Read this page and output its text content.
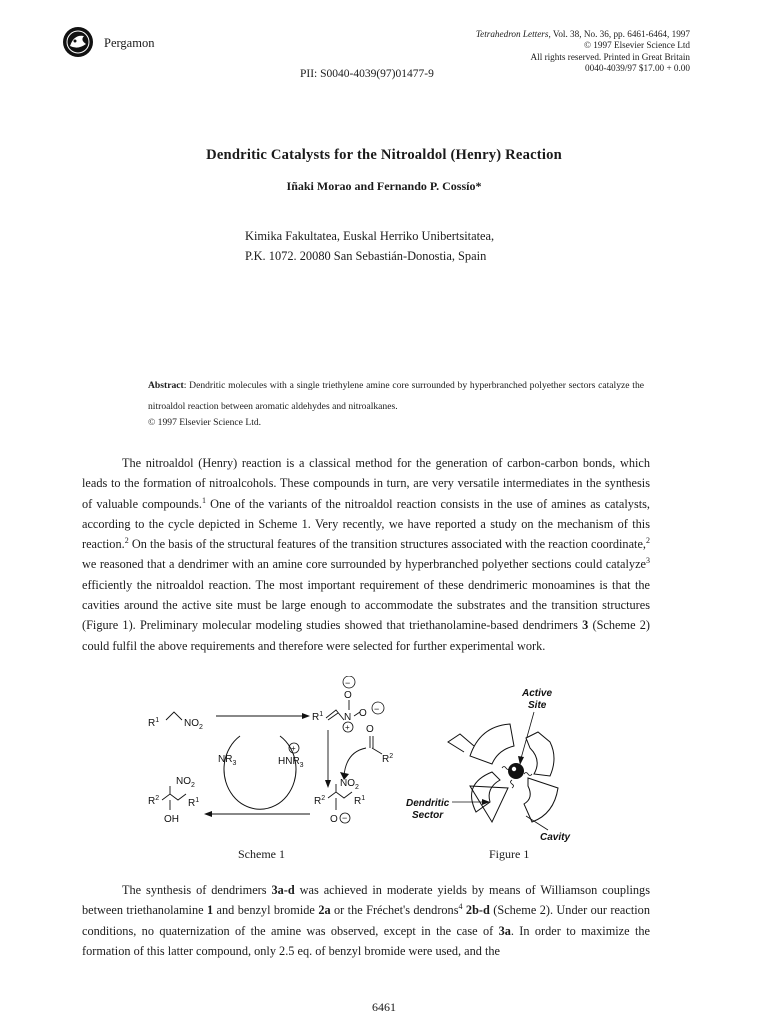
Pergamon
Tetrahedron Letters, Vol. 38, No. 36, pp. 6461-6464, 1997
© 1997 Elsevier Science Ltd
All rights reserved. Printed in Great Britain
0040-4039/97 $17.00 + 0.00
PII: S0040-4039(97)01477-9
Dendritic Catalysts for the Nitroaldol (Henry) Reaction
Iñaki Morao and Fernando P. Cossío*
Kimika Fakultatea, Euskal Herriko Unibertsitatea,
P.K. 1072. 20080 San Sebastián-Donostia, Spain
Abstract: Dendritic molecules with a single triethylene amine core surrounded by hyperbranched polyether sectors catalyze the nitroaldol reaction between aromatic aldehydes and nitroalkanes.
© 1997 Elsevier Science Ltd.

The nitroaldol (Henry) reaction is a classical method for the generation of carbon-carbon bonds, which leads to the formation of nitroalcohols. These compounds in turn, are very versatile intermediates in the synthesis of valuable compounds.$^1$ One of the variants of the nitroaldol reaction consists in the use of amines as catalysts, according to the cycle depicted in Scheme 1. Very recently, we have reported a study on the mechanism of this reaction.$^2$ On the basis of the structural features of the transition structures associated with the reaction coordinate,$^2$ we reasoned that a dendrimer with an amine core surrounded by hyperbranched polyether sections could catalyze$^3$ efficiently the nitroaldol reaction. The most important requirement of these dendrimeric monoamines is that the cavities around the active site must be large enough to accommodate the substrates and the transition structures (Figure 1). Preliminary molecular modeling studies showed that triethanolamine-based dendrimers 3 (Scheme 2) could fulfil the above requirements and therefore were selected for further experimental work.

$R^1$ $NO_2$
$R^1$ N
O
−
O −
+
$NR_3$
+
$HNR_3$
O
$R^2$
$R^2$
$NO_2$
$R^1$
O −
$R^2$
$NO_2$
$R^1$
OH
Active
Site
Dendritic
Sector
Cavity
Scheme 1	Figure 1

The synthesis of dendrimers 3a-d was achieved in moderate yields by means of Williamson couplings between triethanolamine 1 and benzyl bromide 2a or the Fréchet's dendrons$^4$ 2b-d (Scheme 2). Under our reaction conditions, no quaternization of the amine was observed, except in the case of 3a. In order to maximize the formation of this latter compound, only 2.5 eq. of benzyl bromide were used, and the

6461
